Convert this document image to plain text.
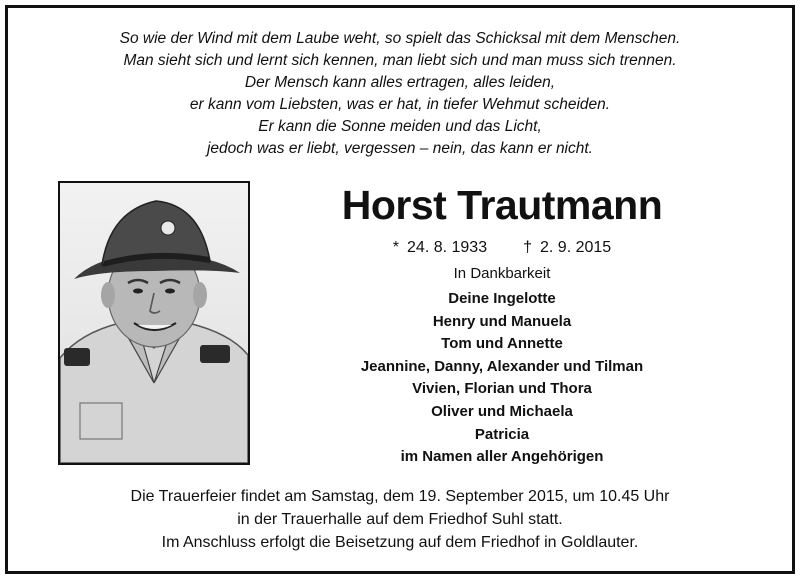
So wie der Wind mit dem Laube weht, so spielt das Schicksal mit dem Menschen.
Man sieht sich und lernt sich kennen, man liebt sich und man muss sich trennen.
Der Mensch kann alles ertragen, alles leiden,
er kann vom Liebsten, was er hat, in tiefer Wehmut scheiden.
Er kann die Sonne meiden und das Licht,
jedoch was er liebt, vergessen – nein, das kann er nicht.
Horst Trautmann
* 24. 8. 1933 † 2. 9. 2015
In Dankbarkeit
Deine Ingelotte
Henry und Manuela
Tom und Annette
Jeannine, Danny, Alexander und Tilman
Vivien, Florian und Thora
Oliver und Michaela
Patricia
im Namen aller Angehörigen
Die Trauerfeier findet am Samstag, dem 19. September 2015, um 10.45 Uhr
in der Trauerhalle auf dem Friedhof Suhl statt.
Im Anschluss erfolgt die Beisetzung auf dem Friedhof in Goldlauter.
